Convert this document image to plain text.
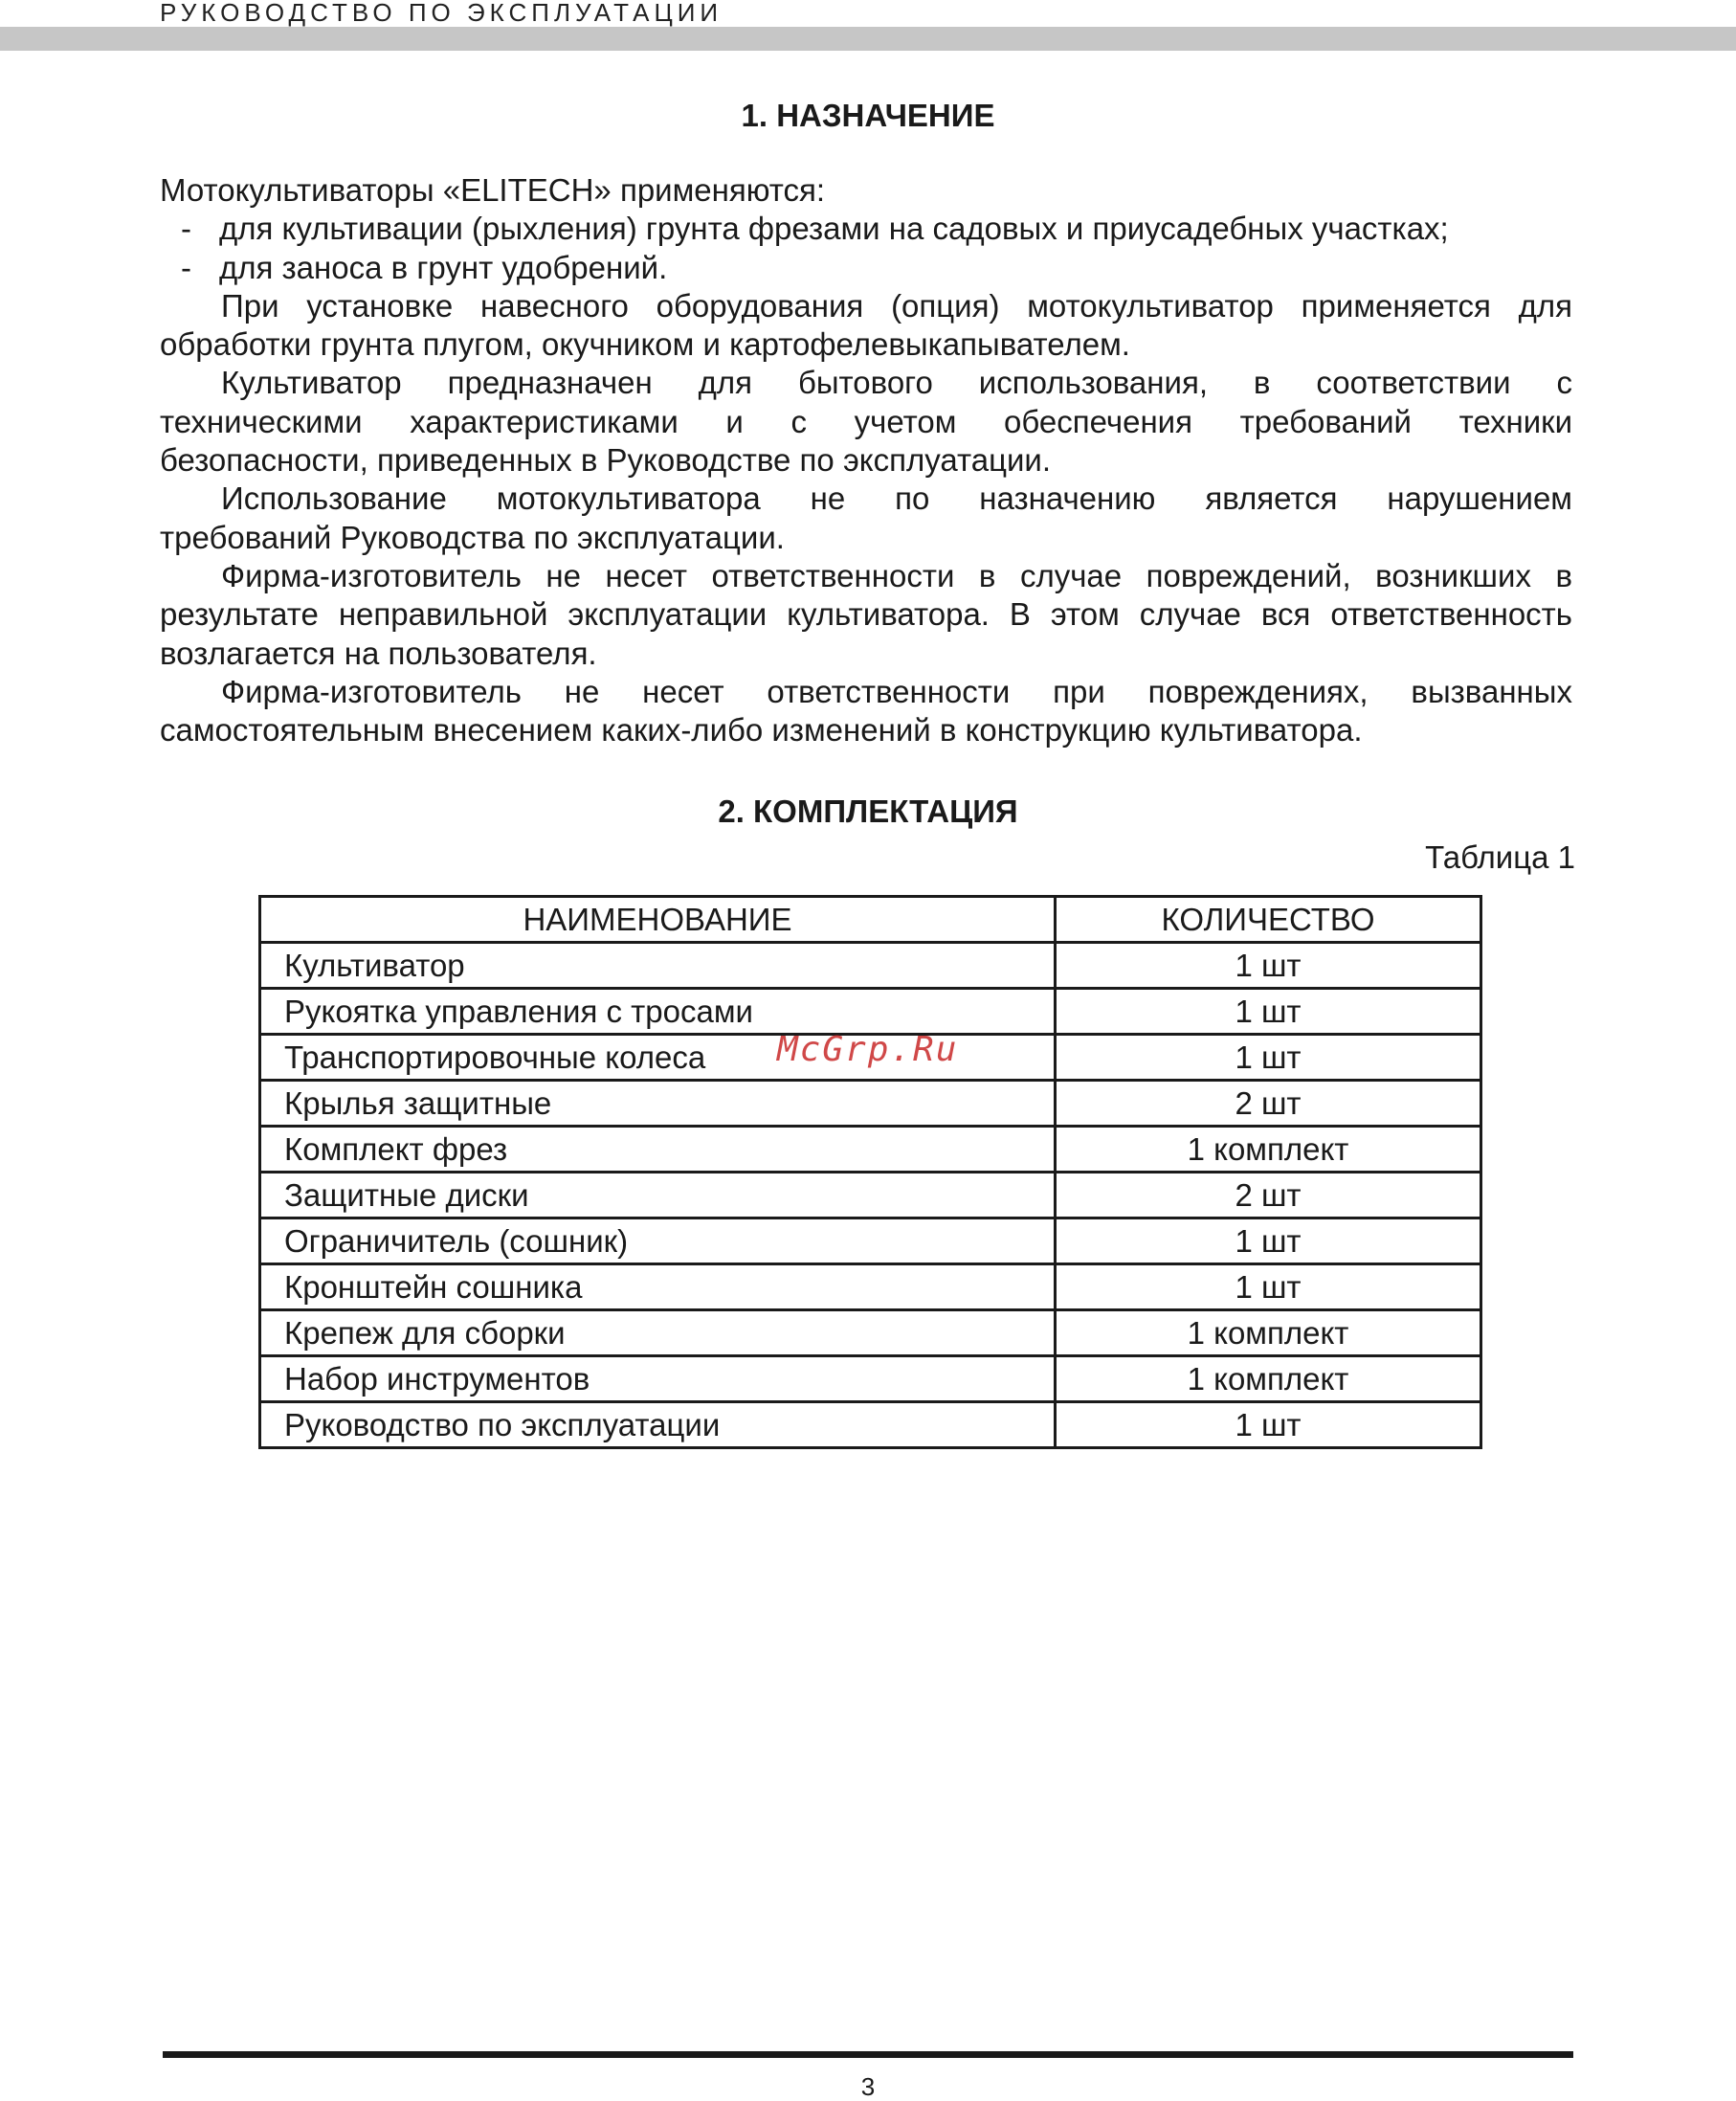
РУКОВОДСТВО ПО ЭКСПЛУАТАЦИИ
1. НАЗНАЧЕНИЕ
Мотокультиваторы «ELITECH» применяются:
- для культивации (рыхления) грунта фрезами на садовых и приусадебных участках;
- для заноса в грунт удобрений.
При установке навесного оборудования (опция) мотокультиватор применяется для
обработки грунта плугом, окучником и картофелевыкапывателем.
Культиватор предназначен для бытового использования, в соответствии с
техническими характеристиками и с учетом обеспечения требований техники
безопасности, приведенных в Руководстве по эксплуатации.
Использование мотокультиватора не по назначению является нарушением
требований Руководства по эксплуатации.
Фирма-изготовитель не несет ответственности в случае повреждений, возникших в
результате неправильной эксплуатации культиватора. В этом случае вся ответственность
возлагается на пользователя.
Фирма-изготовитель не несет ответственности при повреждениях, вызванных
самостоятельным внесением каких-либо изменений в конструкцию культиватора.
2. КОМПЛЕКТАЦИЯ
Таблица 1
НАИМЕНОВАНИЕ	КОЛИЧЕСТВО
Культиватор	1 шт
Рукоятка управления с тросами	1 шт
Транспортировочные колеса	1 шт
Крылья защитные	2 шт
Комплект фрез	1 комплект
Защитные диски	2 шт
Ограничитель (сошник)	1 шт
Кронштейн сошника	1 шт
Крепеж для сборки	1 комплект
Набор инструментов	1 комплект
Руководство по эксплуатации	1 шт
McGrp.Ru
3
